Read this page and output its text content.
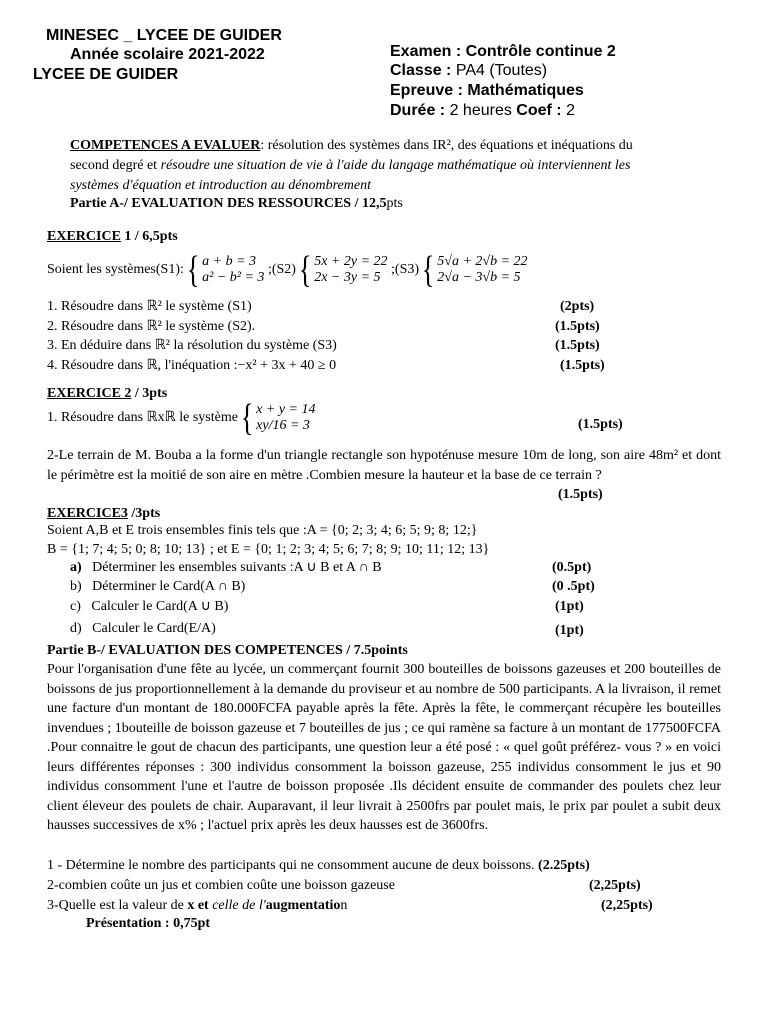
MINESEC _ LYCEE DE GUIDER
Année scolaire 2021-2022
LYCEE DE GUIDER
Examen : Contrôle continue 2
Classe : PA4 (Toutes)
Epreuve : Mathématiques
Durée : 2 heures Coef : 2
COMPETENCES A EVALUER: résolution des systèmes dans IR², des équations et inéquations du
second degré et résoudre une situation de vie à l'aide du langage mathématique où interviennent les
systèmes d'équation et introduction au dénombrement
Partie A-/ EVALUATION DES RESSOURCES / 12,5pts
EXERCICE 1 / 6,5pts
Soient les systèmes(S1):{ a + b = 3
a² − b² = 3
;(S2){ 5x + 2y = 22
2x − 3y = 5
;(S3){ 5√a + 2√b = 22
2√a − 3√b = 5
1. Résoudre dans ℝ² le système (S1)	(2pts)
2. Résoudre dans ℝ² le système (S2).	(1.5pts)
3. En déduire dans ℝ² la résolution du système (S3)	(1.5pts)
4. Résoudre dans ℝ, l'inéquation :−x² + 3x + 40 ≥ 0	(1.5pts)
EXERCICE 2 / 3pts
1. Résoudre dans ℝxℝ le système{ x + y = 14
xy/16 = 3	(1.5pts)
2-Le terrain de M. Bouba a la forme d'un triangle rectangle son hypoténuse mesure 10m de long, son aire 48m² et dont le périmètre est la moitié de son aire en mètre .Combien mesure la hauteur et la base de ce terrain ?
(1.5pts)
EXERCICE3 /3pts
Soient A,B et E trois ensembles finis tels que :A = {0; 2; 3; 4; 6; 5; 9; 8; 12;}
B = {1; 7; 4; 5; 0; 8; 10; 13} ; et E = {0; 1; 2; 3; 4; 5; 6; 7; 8; 9; 10; 11; 12; 13}
a) Déterminer les ensembles suivants :A ∪ B et A ∩ B	(0.5pt)
b) Déterminer le Card(A ∩ B)	(0 .5pt)
c) Calculer le Card(A ∪ B)	(1pt)
d) Calculer le Card(E/A)	(1pt)
Partie B-/ EVALUATION DES COMPETENCES / 7.5points
Pour l'organisation d'une fête au lycée, un commerçant fournit 300 bouteilles de boissons gazeuses et 200 bouteilles de boissons de jus proportionnellement à la demande du proviseur et au nombre de 500 participants. A la livraison, il remet une facture d'un montant de 180.000FCFA payable après la fête. Après la fête, le commerçant récupère les bouteilles invendues ; 1bouteille de boisson gazeuse et 7 bouteilles de jus ; ce qui ramène sa facture à un montant de 177500FCFA .Pour connaitre le gout de chacun des participants, une question leur a été posé : « quel goût préférez- vous ? » en voici leurs différentes réponses : 300 individus consomment la boisson gazeuse, 255 individus consomment le jus et 90 individus consomment l'une et l'autre de boisson proposée .Ils décident ensuite de commander des poulets chez leur client éleveur des poulets de chair. Auparavant, il leur livrait à 2500frs par poulet mais, le prix par poulet a subit deux hausses successives de x% ; l'actuel prix après les deux hausses est de 3600frs.
1 - Détermine le nombre des participants qui ne consomment aucune de deux boissons. (2.25pts)
2-combien coûte un jus et combien coûte une boisson gazeuse	(2,25pts)
3-Quelle est la valeur de x et celle de l'augmentation	(2,25pts)
Présentation : 0,75pt
